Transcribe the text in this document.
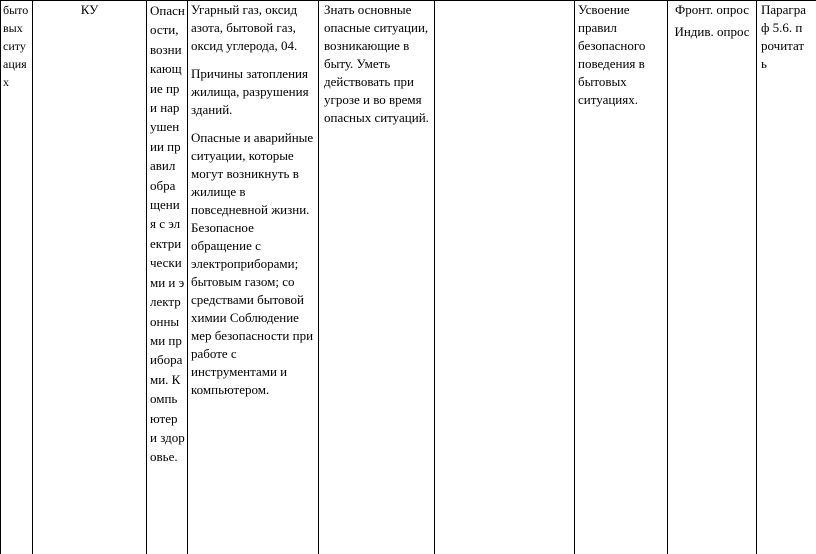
бытовых ситуациях
КУ	Опасности, возникающие при нарушении правил обращения с электрическими и электронными приборами. Компьютер и здоровье.

Угарный газ, оксид азота, бытовой газ, оксид углерода, 04.

Причины затопления жилища, разрушения зданий.

Опасные и аварийные ситуации, которые могут возникнуть в жилище в повседневной жизни. Безопасное обращение с электроприборами; бытовым газом; со средствами бытовой химии Соблюдение мер безопасности при работе с инструментами и компьютером.

Знать основные опасные ситуации, возникающие в быту. Уметь действовать при угрозе и во время опасных ситуаций.
Усвоение правил безопасного поведения в бытовых ситуациях.

Фронт. опрос

Индив. опрос

Параграф 5.6. прочитать
